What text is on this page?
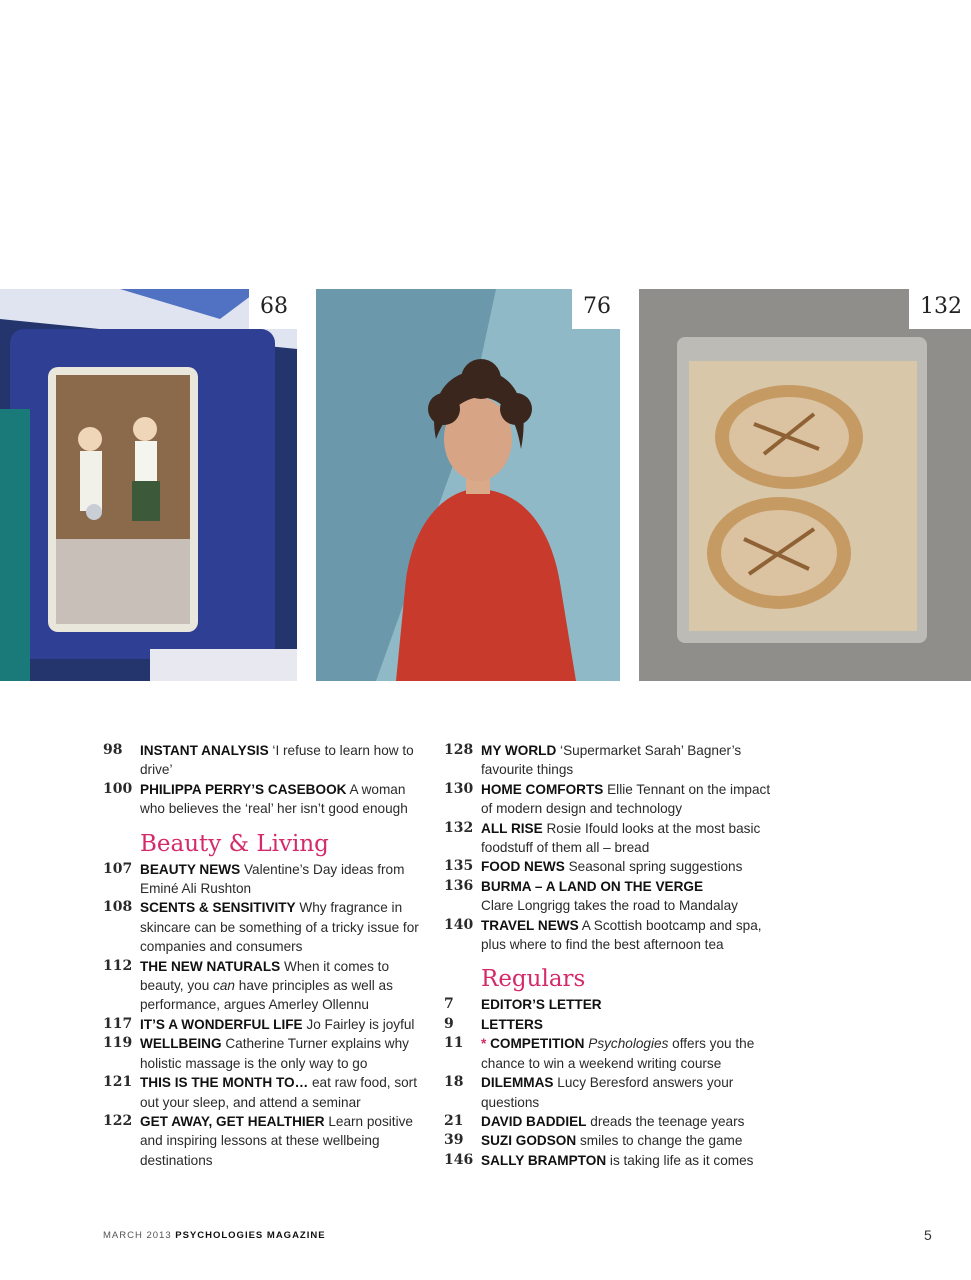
68	76	132
98	INSTANT ANALYSIS ‘I refuse to learn how to drive’
100 PHILIPPA PERRY’S CASEBOOK A woman who believes the ‘real’ her isn’t good enough
Beauty & Living
107 BEAUTY NEWS Valentine’s Day ideas from Eminé Ali Rushton
108 SCENTS & SENSITIVITY Why fragrance in skincare can be something of a tricky issue for companies and consumers
112 THE NEW NATURALS When it comes to beauty, you can have principles as well as performance, argues Amerley Ollennu
117 IT’S A WONDERFUL LIFE Jo Fairley is joyful
119 WELLBEING Catherine Turner explains why holistic massage is the only way to go
121 THIS IS THE MONTH TO… eat raw food, sort out your sleep, and attend a seminar
122 GET AWAY, GET HEALTHIER Learn positive and inspiring lessons at these wellbeing destinations
128 MY WORLD ‘Supermarket Sarah’ Bagner’s favourite things
130 HOME COMFORTS Ellie Tennant on the impact of modern design and technology
132 ALL RISE Rosie Ifould looks at the most basic foodstuff of them all – bread
135 FOOD NEWS Seasonal spring suggestions
136 BURMA – A LAND ON THE VERGE
Clare Longrigg takes the road to Mandalay
140 TRAVEL NEWS A Scottish bootcamp and spa, plus where to find the best afternoon tea
Regulars
7	EDITOR’S LETTER
9	LETTERS
11	* COMPETITION Psychologies offers you the chance to win a weekend writing course
18	DILEMMAS Lucy Beresford answers your questions
21	DAVID BADDIEL dreads the teenage years
39	SUZI GODSON smiles to change the game
146 SALLY BRAMPTON is taking life as it comes
MARCH 2013 PSYCHOLOGIES MAGAZINE	5
